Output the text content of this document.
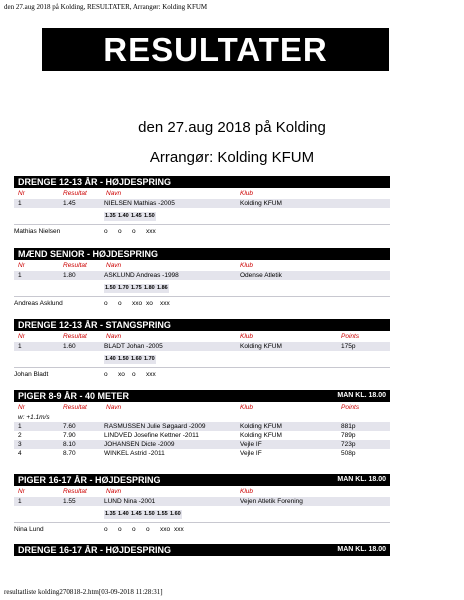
den 27.aug 2018 på Kolding, RESULTATER, Arrangør: Kolding KFUM
RESULTATER
den 27.aug 2018 på Kolding
Arrangør: Kolding KFUM
DRENGE 12-13 ÅR - HØJDESPRING
Nr	Resultat	Navn	Klub
1	1.45	NIELSEN Mathias -2005	Kolding KFUM
1.35 1.40 1.45 1.50
Mathias Nielsen	o o o xxx
MÆND SENIOR - HØJDESPRING
Nr	Resultat	Navn	Klub
1	1.80	ASKLUND Andreas -1998	Odense Atletik
1.50 1.70 1.75 1.80 1.86
Andreas Asklund	o o xxo xo xxx
DRENGE 12-13 ÅR - STANGSPRING
Nr	Resultat	Navn	Klub	Points
1	1.60	BLADT Johan -2005	Kolding KFUM	175p
1.40 1.50 1.60 1.70
Johan Bladt	o xo o xxx
PIGER 8-9 ÅR - 40 METER	MAN KL. 18.00
Nr	Resultat	Navn	Klub	Points
w: +1.1m/s
1	7.60	RASMUSSEN Julie Søgaard -2009	Kolding KFUM	881p
2	7.90	LINDVED Josefine Kettner -2011	Kolding KFUM	789p
3	8.10	JOHANSEN Dicte -2009	Vejle IF	723p
4	8.70	WINKEL Astrid -2011	Vejle IF	508p
PIGER 16-17 ÅR - HØJDESPRING	MAN KL. 18.00
Nr	Resultat	Navn	Klub
1	1.55	LUND Nina -2001	Vejen Atletik Forening
1.35 1.40 1.45 1.50 1.55 1.60
Nina Lund	o o o o xxo xxx
DRENGE 16-17 ÅR - HØJDESPRING	MAN KL. 18.00
resultatliste kolding270818-2.htm[03-09-2018 11:28:31]
